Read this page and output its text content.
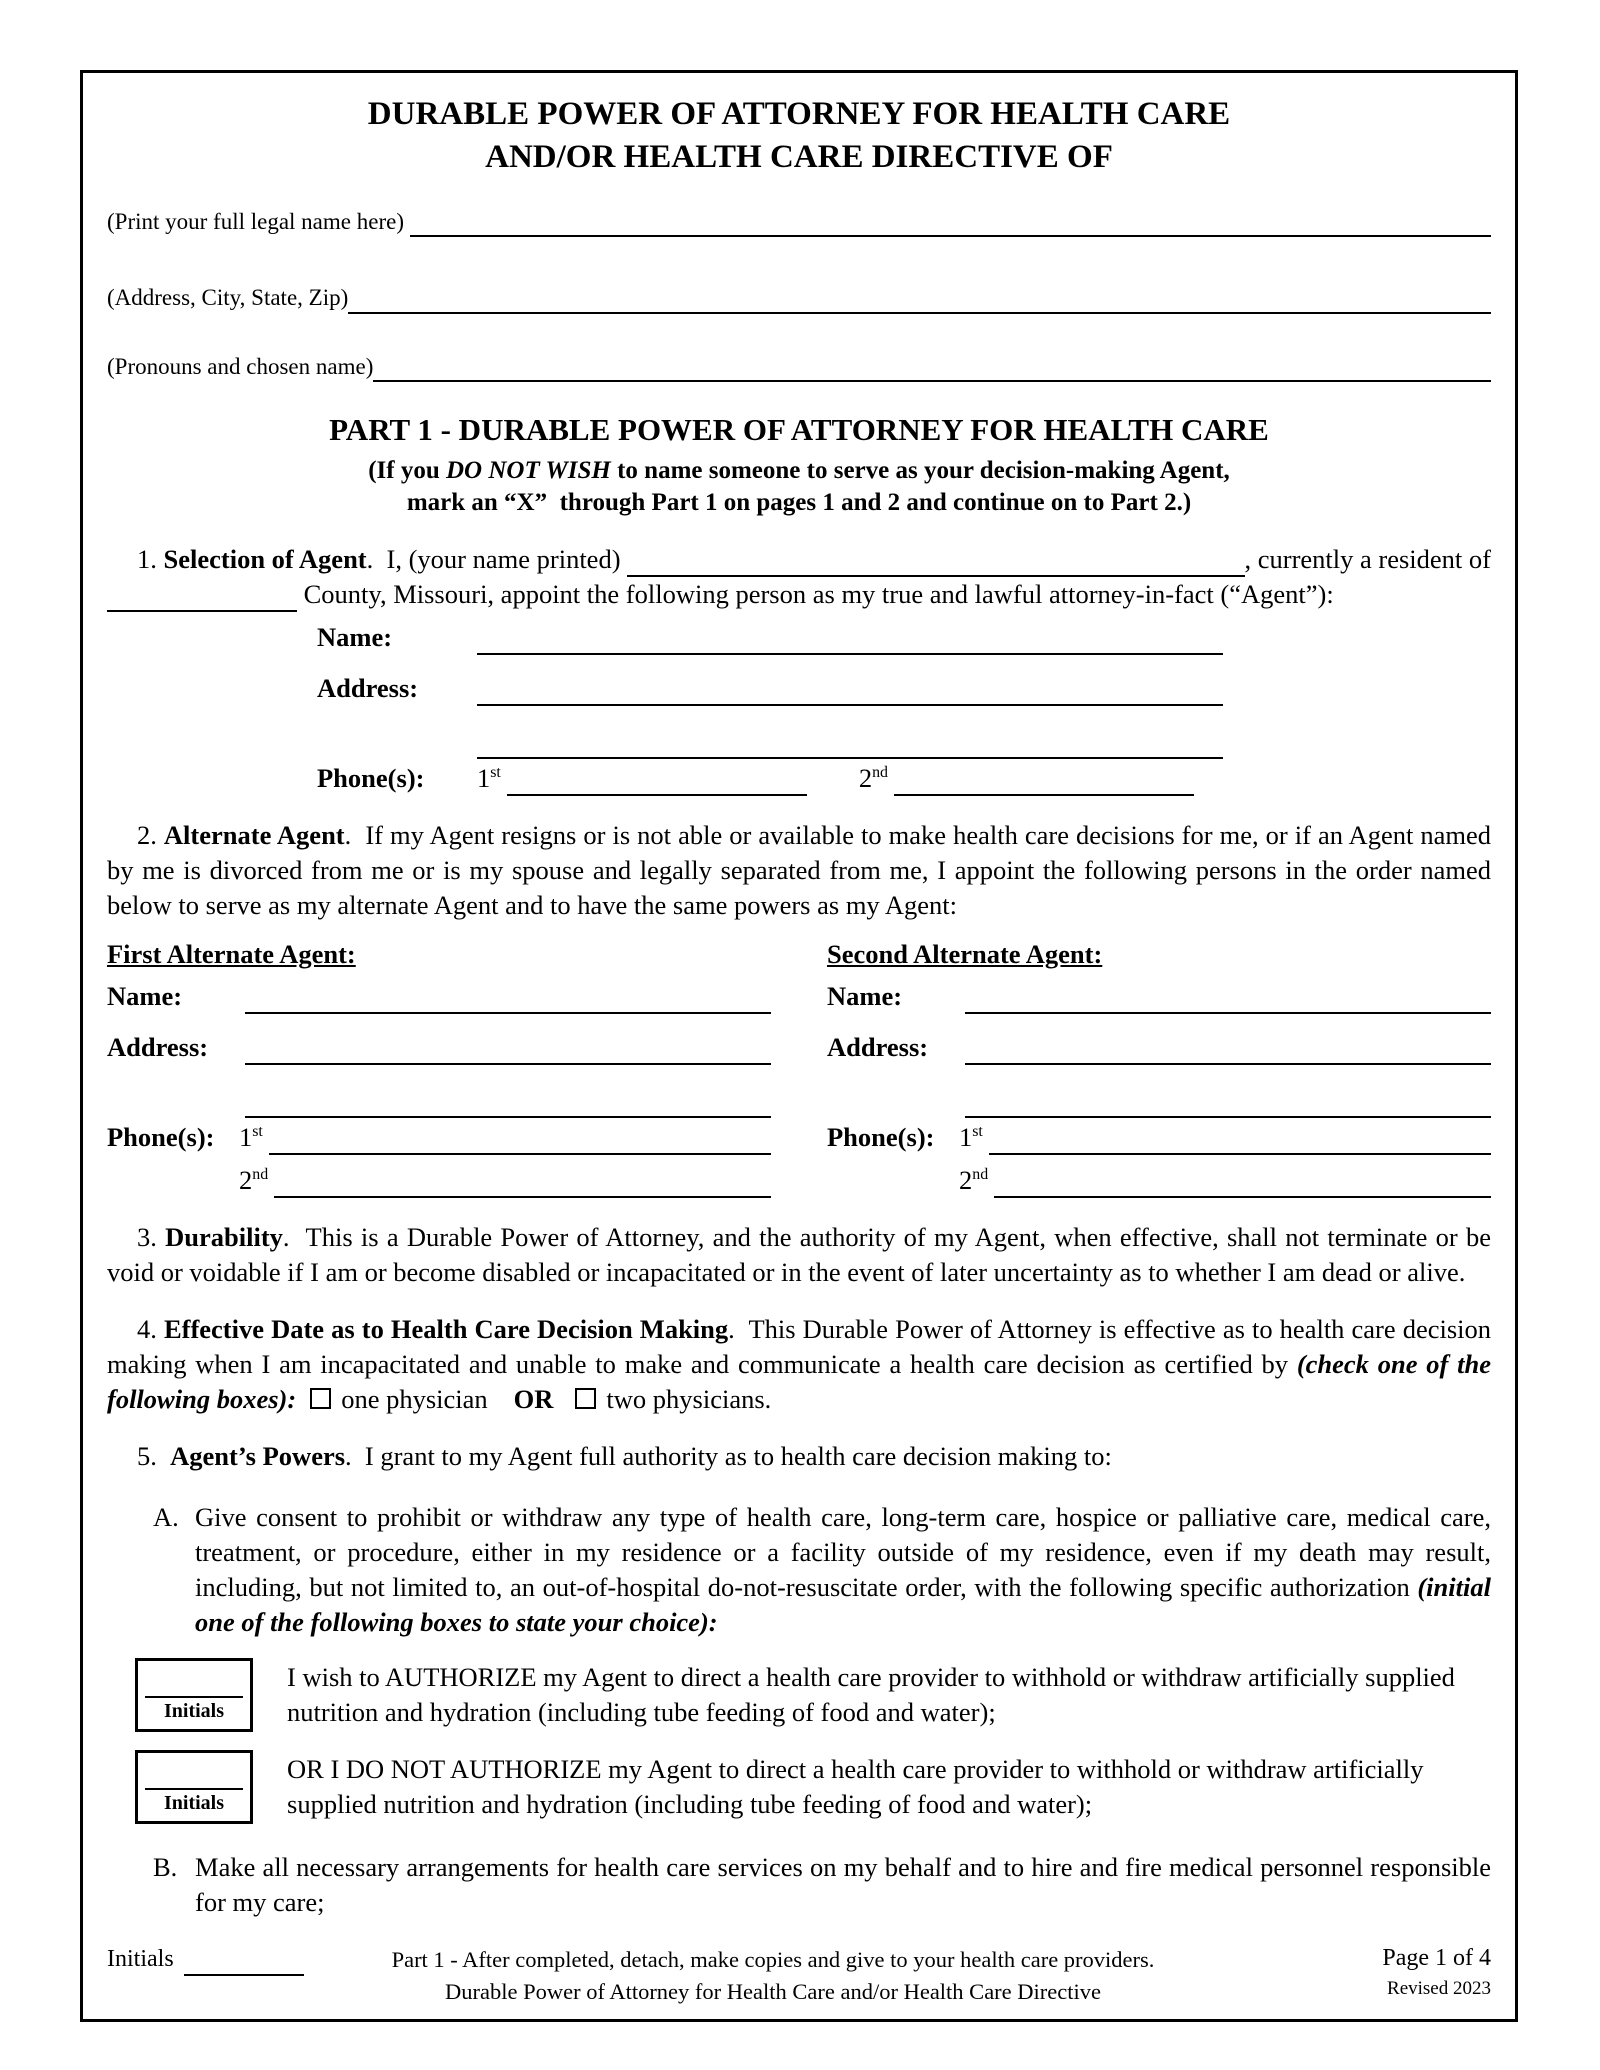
DURABLE POWER OF ATTORNEY FOR HEALTH CARE
AND/OR HEALTH CARE DIRECTIVE OF
(Print your full legal name here)
(Address, City, State, Zip)
(Pronouns and chosen name)
PART 1 - DURABLE POWER OF ATTORNEY FOR HEALTH CARE
(If you DO NOT WISH to name someone to serve as your decision-making Agent,
mark an “X”  through Part 1 on pages 1 and 2 and continue on to Part 2.)
1. Selection of Agent.  I, (your name printed)	, currently a resident of
County, Missouri, appoint the following person as my true and lawful attorney-in-fact (“Agent”):
Name:
Address:
Phone(s):	1st	2nd

2. Alternate Agent.  If my Agent resigns or is not able or available to make health care decisions for me, or if an Agent named by me is divorced from me or is my spouse and legally separated from me, I appoint the following persons in the order named below to serve as my alternate Agent and to have the same powers as my Agent:

First Alternate Agent:
Name:
Address:
Phone(s): 1st
2nd
Second Alternate Agent:
Name:
Address:
Phone(s): 1st
2nd

3. Durability.  This is a Durable Power of Attorney, and the authority of my Agent, when effective, shall not terminate or be void or voidable if I am or become disabled or incapacitated or in the event of later uncertainty as to whether I am dead or alive.

4. Effective Date as to Health Care Decision Making.  This Durable Power of Attorney is effective as to health care decision making when I am incapacitated and unable to make and communicate a health care decision as certified by (check one of the following boxes): one physician OR two physicians.

5.  Agent’s Powers.  I grant to my Agent full authority as to health care decision making to:

A. Give consent to prohibit or withdraw any type of health care, long-term care, hospice or palliative care, medical care, treatment, or procedure, either in my residence or a facility outside of my residence, even if my death may result, including, but not limited to, an out-of-hospital do-not-resuscitate order, with the following specific authorization (initial one of the following boxes to state your choice):
Initials
I wish to AUTHORIZE my Agent to direct a health care provider to withhold or withdraw artificially supplied nutrition and hydration (including tube feeding of food and water);
Initials
OR I DO NOT AUTHORIZE my Agent to direct a health care provider to withhold or withdraw artificially supplied nutrition and hydration (including tube feeding of food and water);
B. Make all necessary arrangements for health care services on my behalf and to hire and fire medical personnel responsible for my care;
Initials	Part 1 - After completed, detach, make copies and give to your health care providers.
Durable Power of Attorney for Health Care and/or Health Care Directive
Page 1 of 4
Revised 2023
